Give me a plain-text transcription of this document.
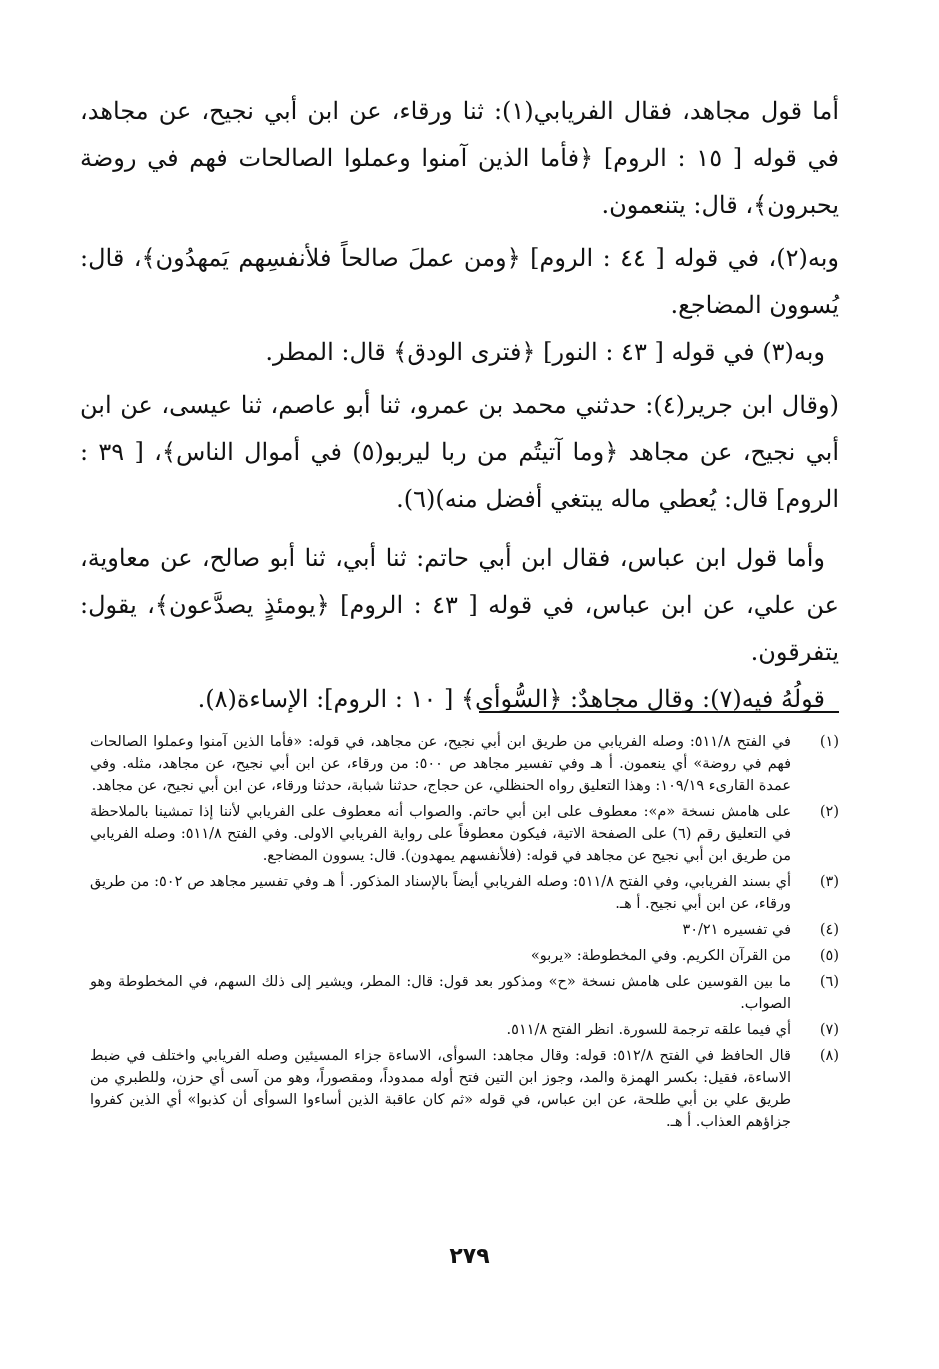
أما قول مجاهد، فقال الفريابي(١): ثنا ورقاء، عن ابن أبي نجيح، عن مجاهد، في قوله [ ١٥ : الروم] ﴿فأما الذين آمنوا وعملوا الصالحات فهم في روضة يحبرون﴾، قال: يتنعمون.

وبه(٢)، في قوله [ ٤٤ : الروم] ﴿ومن عملَ صالحاً فلأنفسِهم يَمهدُون﴾، قال: يُسوون المضاجع.

وبه(٣) في قوله [ ٤٣ : النور] ﴿فترى الودق﴾ قال: المطر.

(وقال ابن جرير(٤): حدثني محمد بن عمرو، ثنا أبو عاصم، ثنا عيسى، عن ابن أبي نجيح، عن مجاهد ﴿وما آتيتُم من ربا ليربو(٥) في أموال الناس﴾، [ ٣٩ : الروم] قال: يُعطي ماله يبتغي أفضل منه)(٦).

وأما قول ابن عباس، فقال ابن أبي حاتم: ثنا أبي، ثنا أبو صالح، عن معاوية، عن علي، عن ابن عباس، في قوله [ ٤٣ : الروم] ﴿يومئذٍ يصدَّعون﴾، يقول: يتفرقون.

قولُهُ فيه(٧): وقال مجاهدٌ: ﴿السُّوأى﴾ [ ١٠ : الروم]: الإساءة(٨).

(١)
في الفتح ٥١١/٨: وصله الفريابي من طريق ابن أبي نجيح، عن مجاهد، في قوله: «فأما الذين آمنوا وعملوا الصالحات فهم في روضة» أي ينعمون. أ هـ وفي تفسير مجاهد ص ٥٠٠: من ورقاء، عن ابن أبي نجيح، عن مجاهد، مثله. وفي عمدة القارىء ١٠٩/١٩: وهذا التعليق رواه الحنظلي، عن حجاج، حدثنا شبابة، حدثنا ورقاء، عن ابن أبي نجيح، عن مجاهد.
(٢)
على هامش نسخة «م»: معطوف على ابن أبي حاتم. والصواب أنه معطوف على الفريابي لأننا إذا تمشينا بالملاحظة في التعليق رقم (٦) على الصفحة الاتية، فيكون معطوفاً على رواية الفريابي الاولى. وفي الفتح ٥١١/٨: وصله الفريابي من طريق ابن أبي نجيح عن مجاهد في قوله: (فلأنفسهم يمهدون). قال: يسوون المضاجع.
(٣)
أي بسند الفريابي، وفي الفتح ٥١١/٨: وصله الفريابي أيضاً بالإسناد المذكور. أ هـ وفي تفسير مجاهد ص ٥٠٢: من طريق ورقاء، عن ابن أبي نجيح. أ هـ.
(٤)
في تفسيره ٣٠/٢١
(٥)
من القرآن الكريم. وفي المخطوطة: «يربو»
(٦)
ما بين القوسين على هامش نسخة «ح» ومذكور بعد قول: قال: المطر، ويشير إلى ذلك السهم، في المخطوطة وهو الصواب.
(٧)
أي فيما علقه ترجمة للسورة. انظر الفتح ٥١١/٨.
(٨)
قال الحافظ في الفتح ٥١٢/٨: قوله: وقال مجاهد: السوأى، الاساءة جزاء المسيئين وصله الفريابي واختلف في ضبط الاساءة، فقيل: بكسر الهمزة والمد، وجوز ابن التين فتح أوله ممدوداً، ومقصوراً، وهو من آسى أي حزن، وللطبري من طريق علي بن أبي طلحة، عن ابن عباس، في قوله «ثم كان عاقبة الذين أساءوا السوأى أن كذبوا» أي الذين كفروا جزاؤهم العذاب. أ هـ.
٢٧٩
